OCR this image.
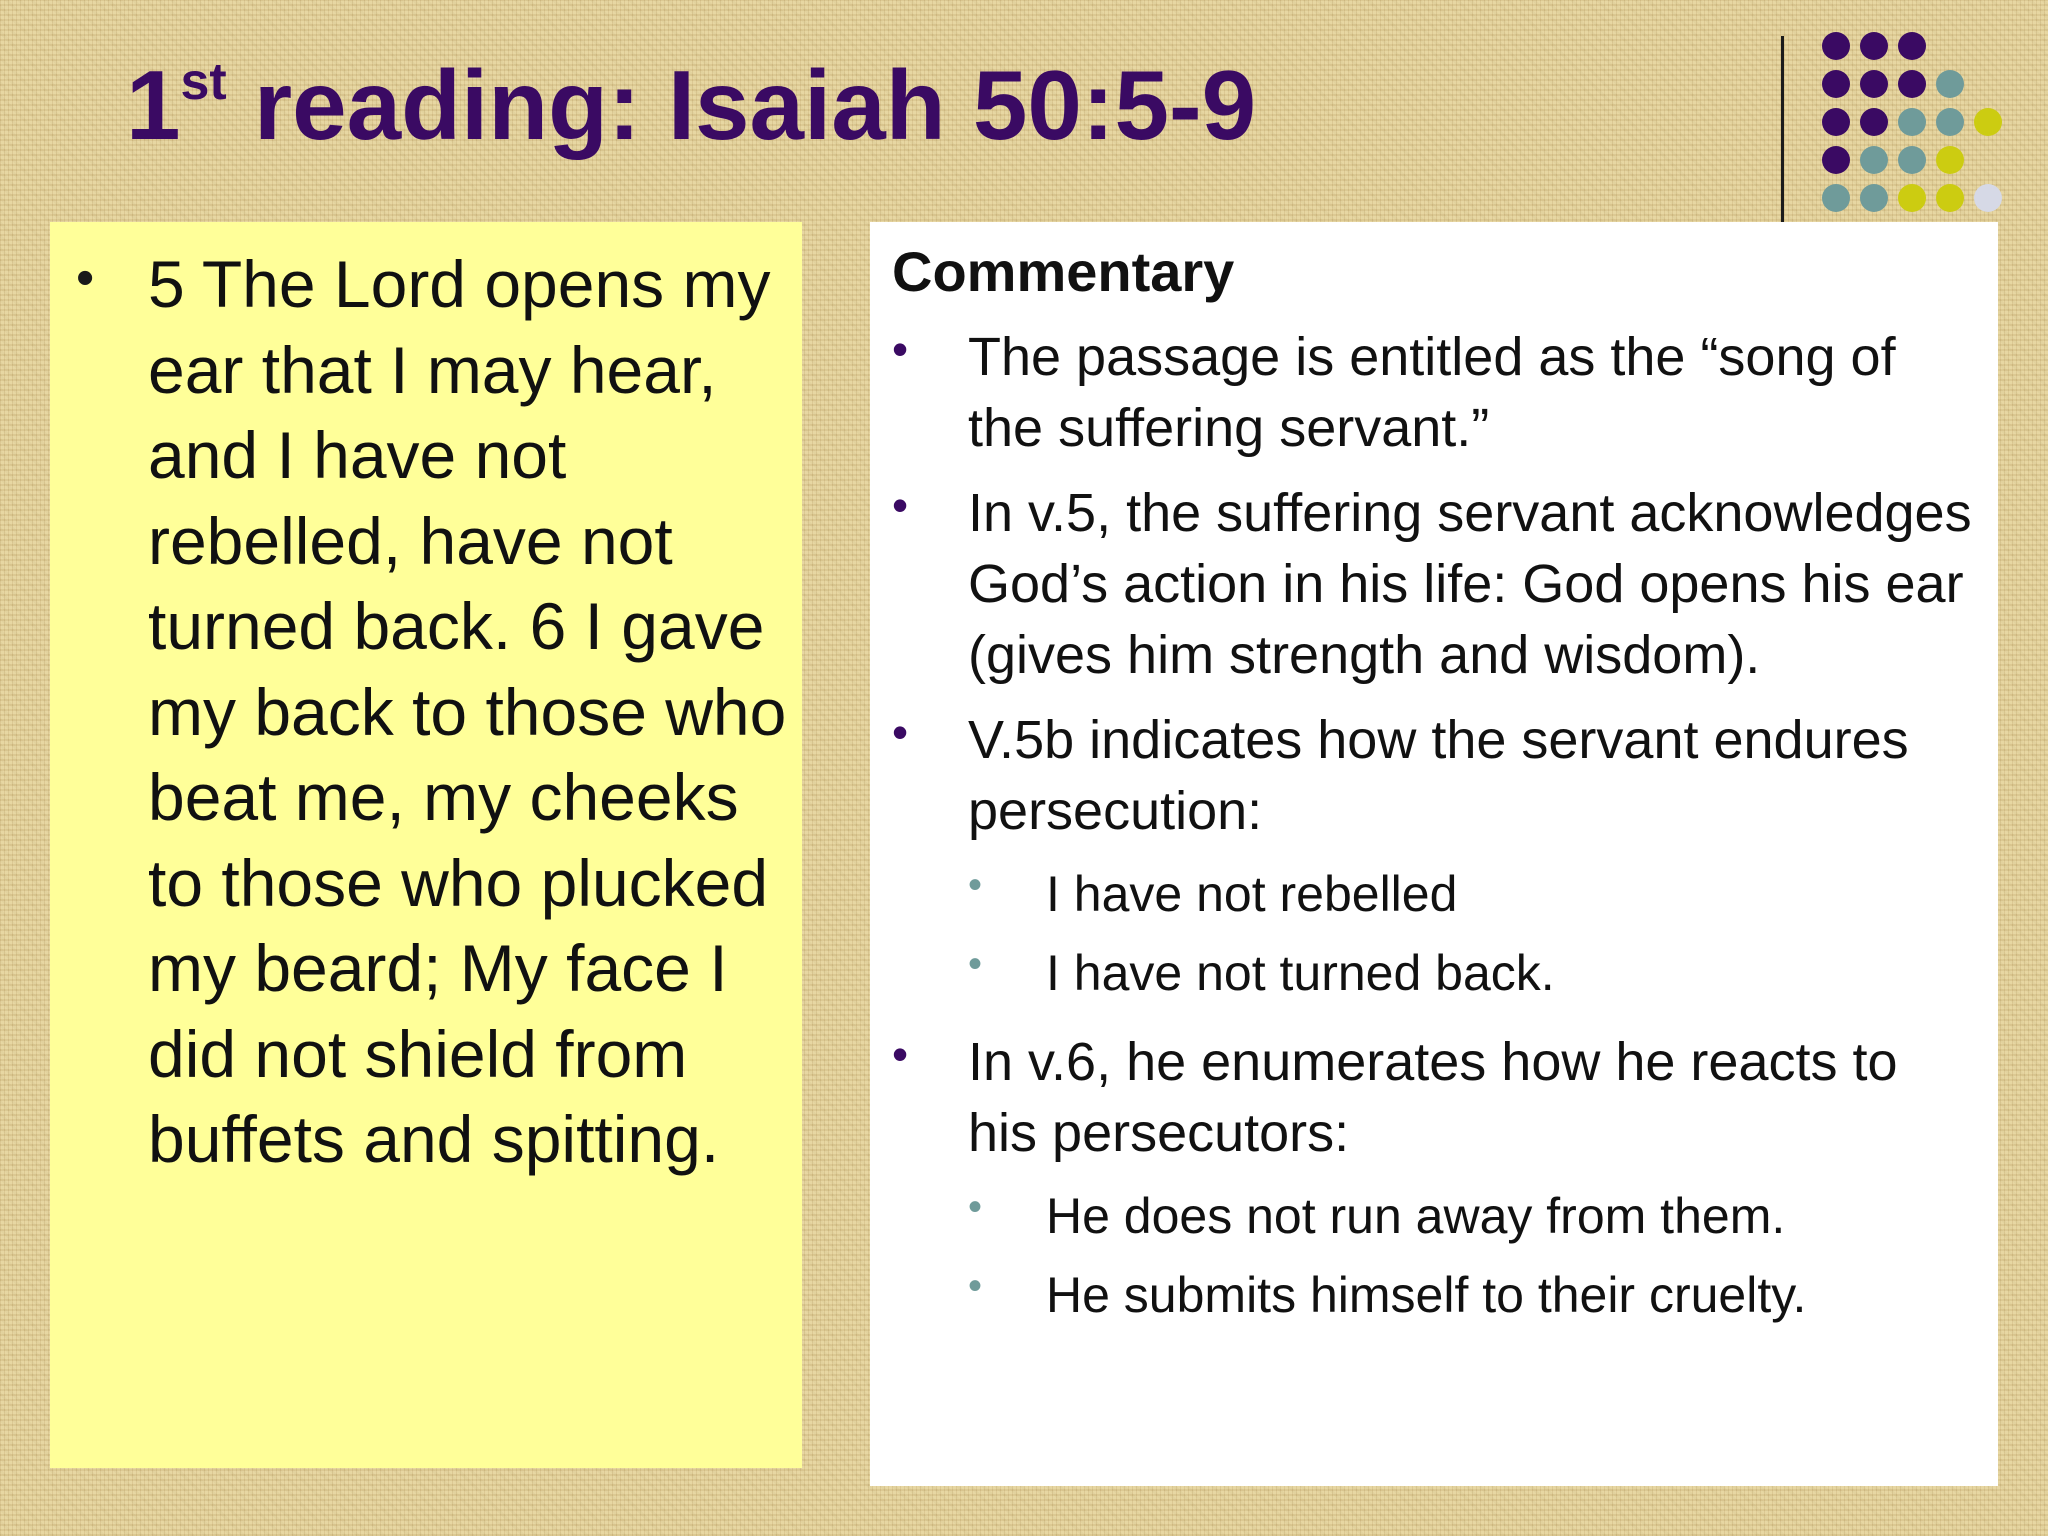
1st reading: Isaiah 50:5-9
• 5 The Lord opens my ear that I may hear, and I have not rebelled, have not turned back. 6 I gave my back to those who beat me, my cheeks to those who plucked my beard; My face I did not shield from buffets and spitting.
Commentary
• The passage is entitled as the “song of the suffering servant.”
• In v.5, the suffering servant acknowledges God’s action in his life: God opens his ear (gives him strength and wisdom).
• V.5b indicates how the servant endures persecution:
• I have not rebelled
• I have not turned back.
• In v.6, he enumerates how he reacts to his persecutors:
• He does not run away from them.
• He submits himself to their cruelty.
